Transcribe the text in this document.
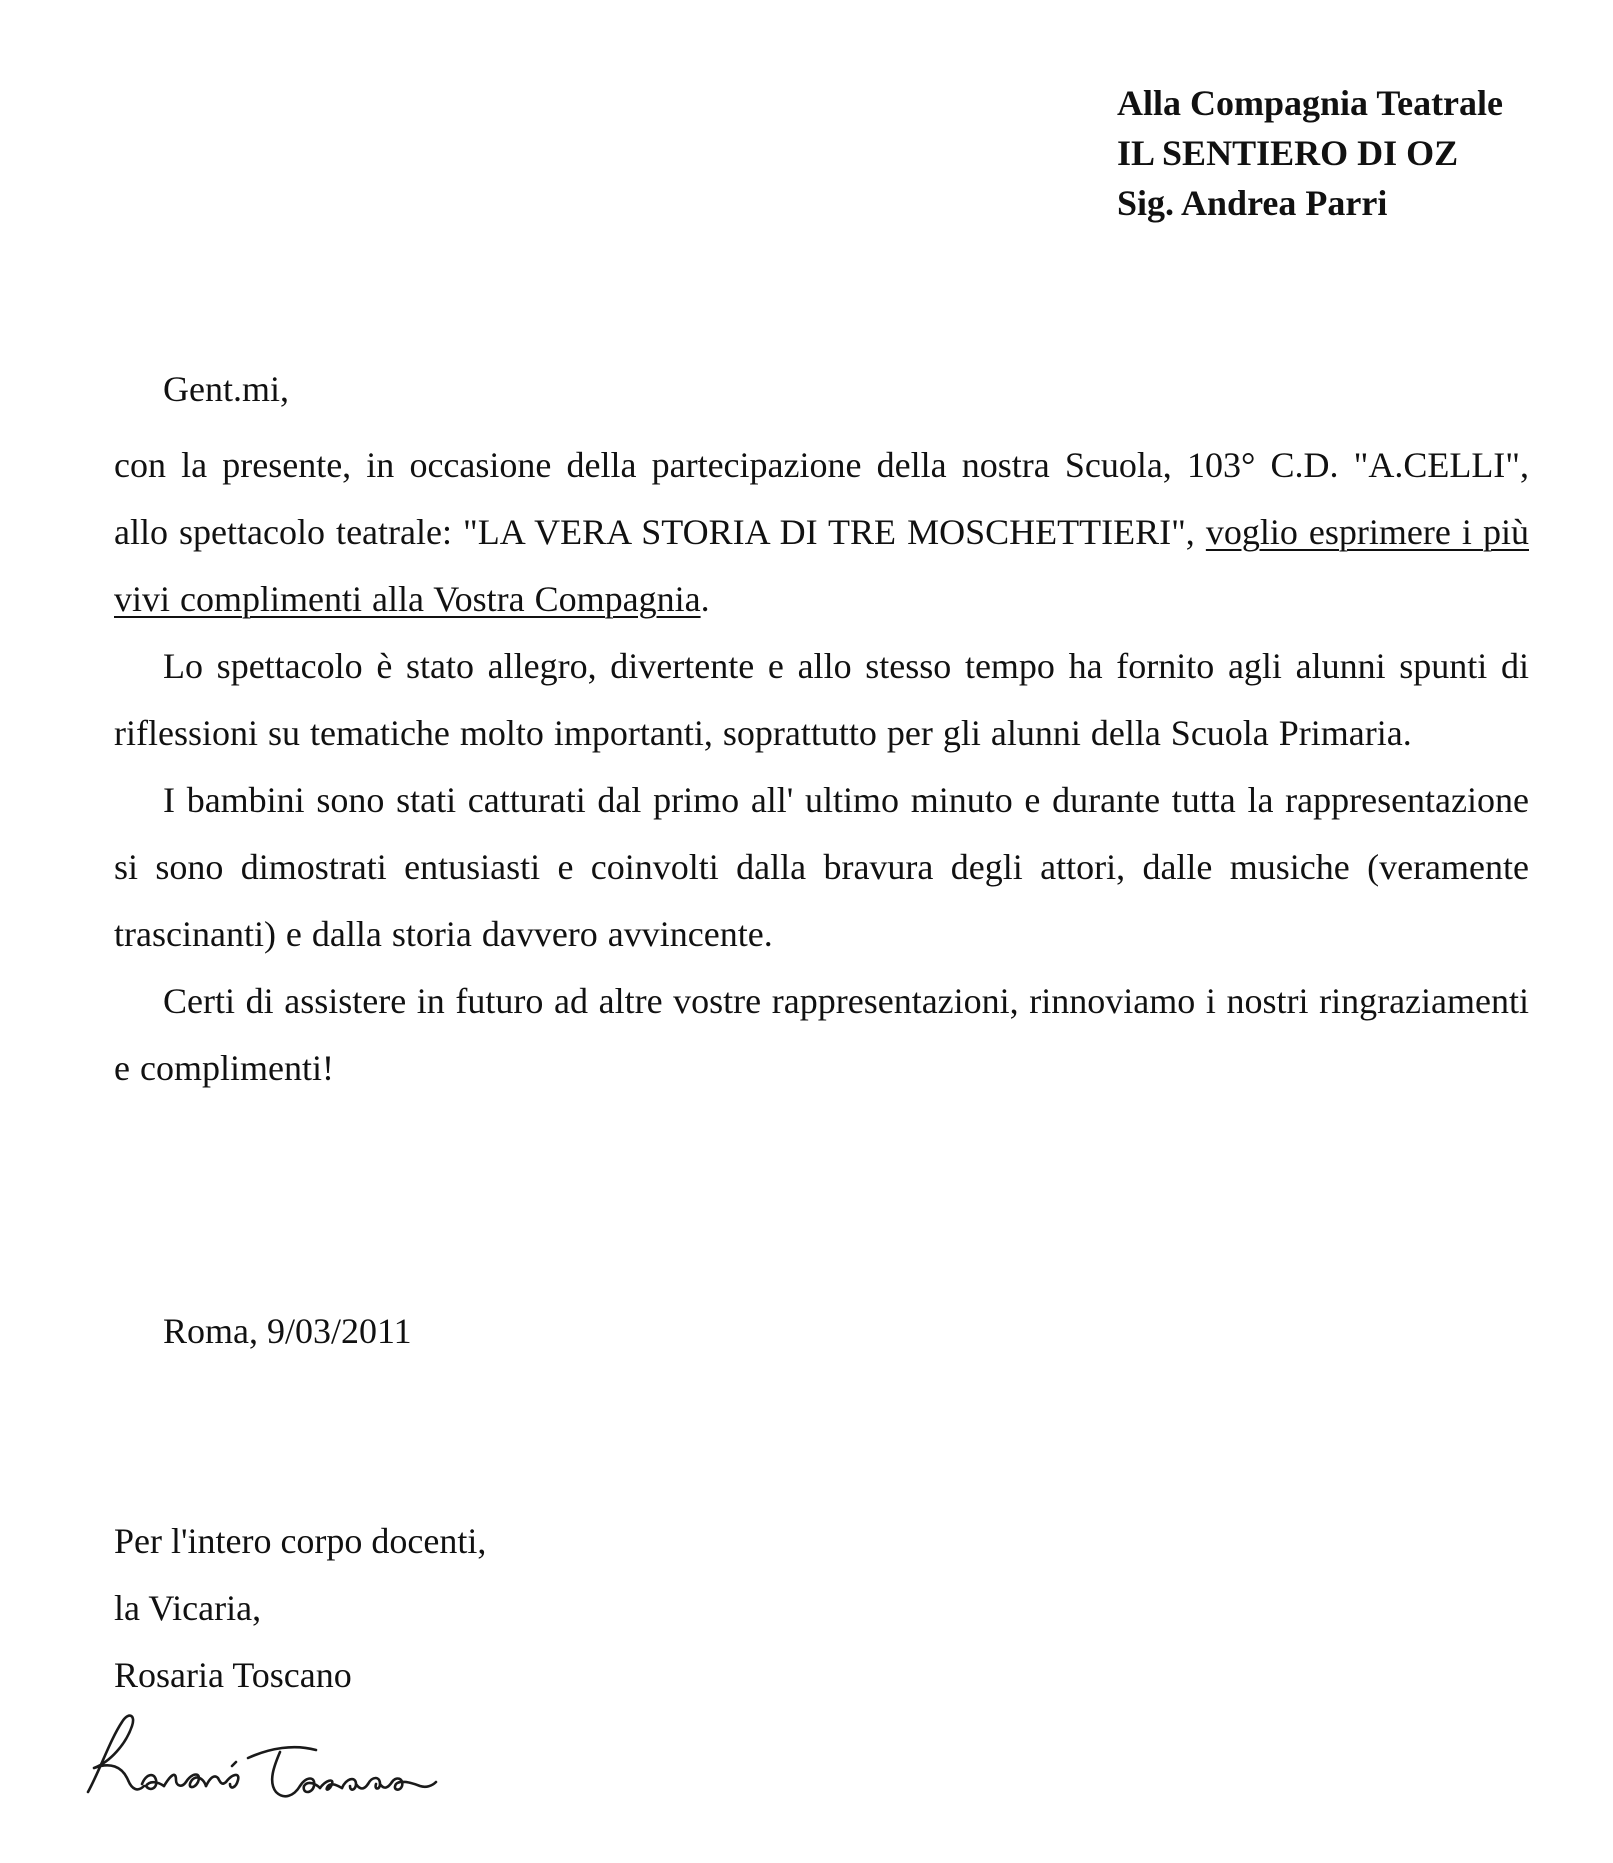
Alla Compagnia Teatrale
IL SENTIERO DI OZ
Sig. Andrea Parri
Gent.mi,

con la presente, in occasione della partecipazione della nostra Scuola, 103° C.D. "A.CELLI", allo spettacolo teatrale: "LA VERA STORIA DI TRE MOSCHETTIERI", voglio esprimere i più vivi complimenti alla Vostra Compagnia.

Lo spettacolo è stato allegro, divertente e allo stesso tempo ha fornito agli alunni spunti di riflessioni su tematiche molto importanti, soprattutto per gli alunni della Scuola Primaria.

I bambini sono stati catturati dal primo all' ultimo minuto e durante tutta la rappresentazione si sono dimostrati entusiasti e coinvolti dalla bravura degli attori, dalle musiche (veramente trascinanti) e dalla storia davvero avvincente.

Certi di assistere in futuro ad altre vostre rappresentazioni, rinnoviamo i nostri ringraziamenti e complimenti!

Roma, 9/03/2011
Per l'intero corpo docenti,
la Vicaria,
Rosaria Toscano
